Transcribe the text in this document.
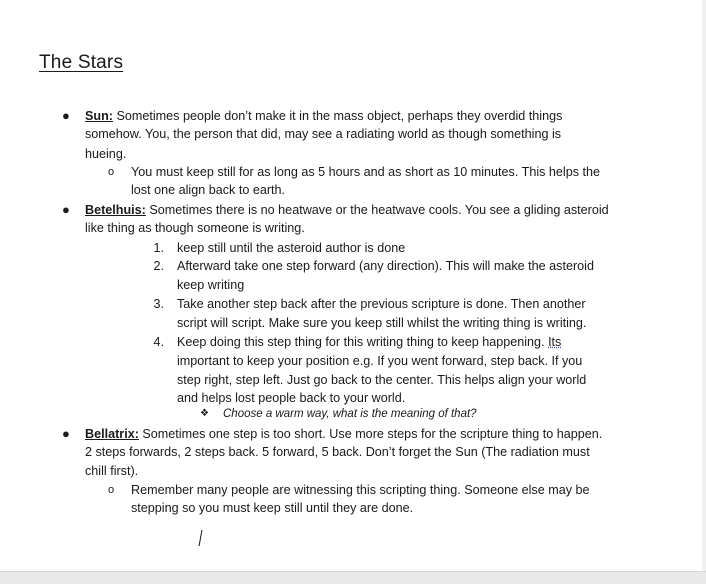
The Stars
● Sun: Sometimes people don’t make it in the mass object, perhaps they overdid things
somehow. You, the person that did, may see a radiating world as though something is
hueing.
o You must keep still for as long as 5 hours and as short as 10 minutes. This helps the
lost one align back to earth.
● Betelhuis: Sometimes there is no heatwave or the heatwave cools. You see a gliding asteroid
like thing as though someone is writing.
1. keep still until the asteroid author is done
2. Afterward take one step forward (any direction). This will make the asteroid
keep writing
3. Take another step back after the previous scripture is done. Then another
script will script. Make sure you keep still whilst the writing thing is writing.
4. Keep doing this step thing for this writing thing to keep happening. Its
important to keep your position e.g. If you went forward, step back. If you
step right, step left. Just go back to the center. This helps align your world
and helps lost people back to your world.
❖ Choose a warm way, what is the meaning of that?
● Bellatrix: Sometimes one step is too short. Use more steps for the scripture thing to happen.
2 steps forwards, 2 steps back. 5 forward, 5 back. Don’t forget the Sun (The radiation must
chill first).
o Remember many people are witnessing this scripting thing. Someone else may be
stepping so you must keep still until they are done.
